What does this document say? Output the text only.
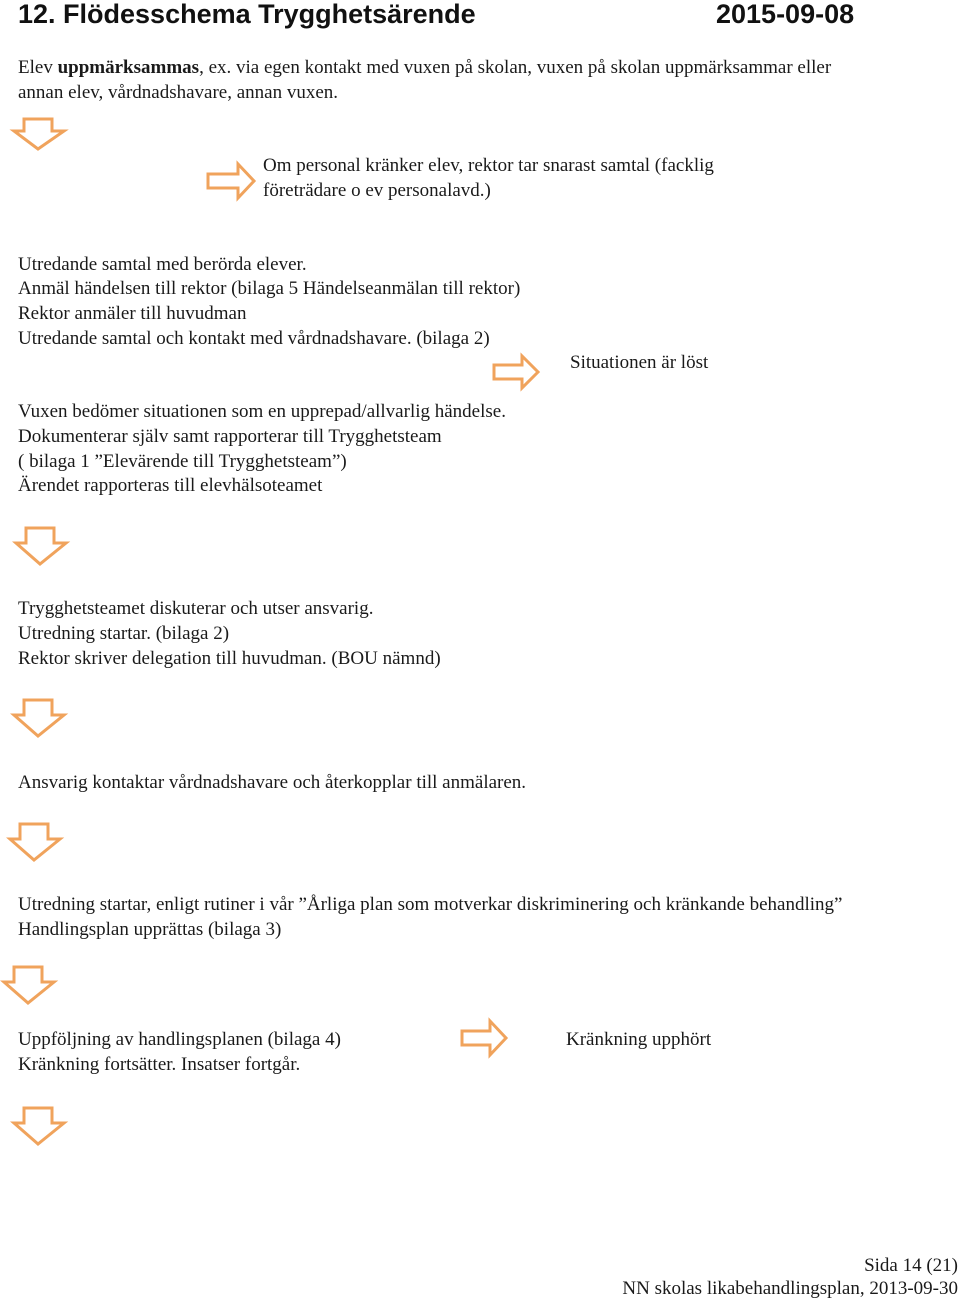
12. Flödesschema Trygghetsärende	2015-09-08
Elev uppmärksammas, ex. via egen kontakt med vuxen på skolan, vuxen på skolan uppmärksammar eller
annan elev, vårdnadshavare, annan vuxen.
Om personal kränker elev, rektor tar snarast samtal (facklig
företrädare o ev personalavd.)
Utredande samtal med berörda elever.
Anmäl händelsen till rektor (bilaga 5 Händelseanmälan till rektor)
Rektor anmäler till huvudman
Utredande samtal och kontakt med vårdnadshavare. (bilaga 2)
Situationen är löst
Vuxen bedömer situationen som en upprepad/allvarlig händelse.
Dokumenterar själv samt rapporterar till Trygghetsteam
( bilaga 1 ”Elevärende till Trygghetsteam”)
Ärendet rapporteras till elevhälsoteamet
Trygghetsteamet diskuterar och utser ansvarig.
Utredning startar. (bilaga 2)
Rektor skriver delegation till huvudman. (BOU nämnd)
Ansvarig kontaktar vårdnadshavare och återkopplar till anmälaren.
Utredning startar, enligt rutiner i vår ”Årliga plan som motverkar diskriminering och kränkande behandling”
Handlingsplan upprättas (bilaga 3)
Uppföljning av handlingsplanen (bilaga 4)
Kränkning fortsätter. Insatser fortgår.
Kränkning upphört
Sida 14 (21)
NN skolas likabehandlingsplan, 2013-09-30
